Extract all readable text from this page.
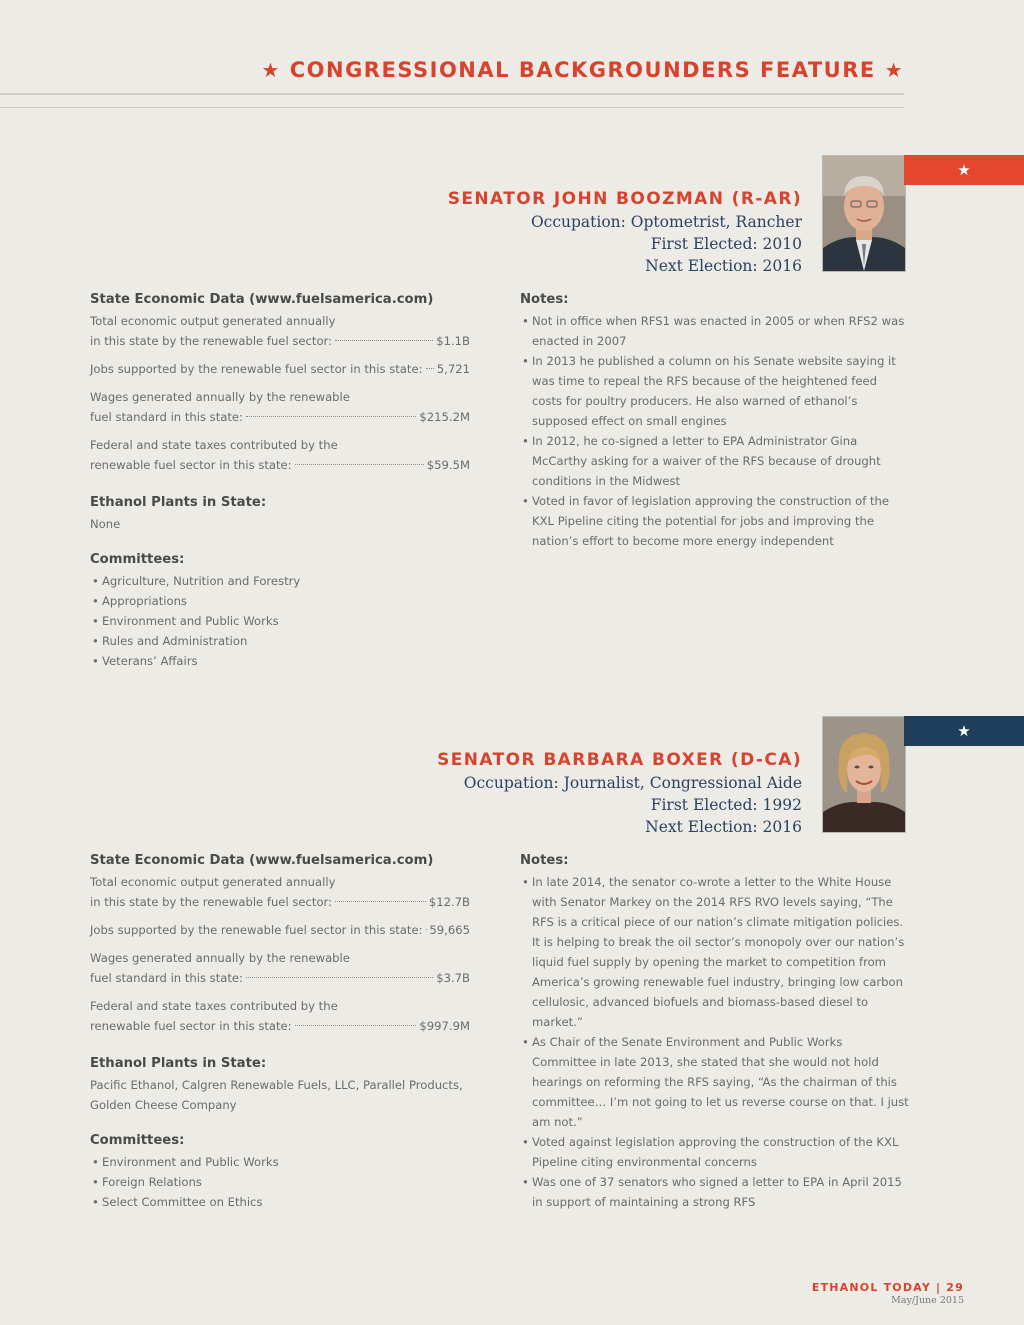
★ CONGRESSIONAL BACKGROUNDERS FEATURE ★
★
SENATOR JOHN BOOZMAN (R-AR)
Occupation: Optometrist, Rancher
First Elected: 2010
Next Election: 2016
State Economic Data (www.fuelsamerica.com)
Total economic output generated annually
in this state by the renewable fuel sector:	$1.1B
Jobs supported by the renewable fuel sector in this state: 5,721
Wages generated annually by the renewable
fuel standard in this state:	$215.2M
Federal and state taxes contributed by the
renewable fuel sector in this state:	$59.5M
Ethanol Plants in State:
None
Committees:
• Agriculture, Nutrition and Forestry
• Appropriations
• Environment and Public Works
• Rules and Administration
• Veterans’ Affairs
Notes:
• Not in office when RFS1 was enacted in 2005 or when RFS2 was enacted in 2007
• In 2013 he published a column on his Senate website saying it was time to repeal the RFS because of the heightened feed costs for poultry producers. He also warned of ethanol’s supposed effect on small engines
• In 2012, he co-signed a letter to EPA Administrator Gina McCarthy asking for a waiver of the RFS because of drought conditions in the Midwest
• Voted in favor of legislation approving the construction of the KXL Pipeline citing the potential for jobs and improving the nation’s effort to become more energy independent
★
SENATOR BARBARA BOXER (D-CA)
Occupation: Journalist, Congressional Aide
First Elected: 1992
Next Election: 2016
State Economic Data (www.fuelsamerica.com)
Total economic output generated annually
in this state by the renewable fuel sector:	$12.7B
Jobs supported by the renewable fuel sector in this state: 59,665
Wages generated annually by the renewable
fuel standard in this state:	$3.7B
Federal and state taxes contributed by the
renewable fuel sector in this state:	$997.9M
Ethanol Plants in State:
Pacific Ethanol, Calgren Renewable Fuels, LLC, Parallel Products, Golden Cheese Company
Committees:
• Environment and Public Works
• Foreign Relations
• Select Committee on Ethics
Notes:
• In late 2014, the senator co-wrote a letter to the White House with Senator Markey on the 2014 RFS RVO levels saying, “The RFS is a critical piece of our nation’s climate mitigation policies. It is helping to break the oil sector’s monopoly over our nation’s liquid fuel supply by opening the market to competition from America’s growing renewable fuel industry, bringing low carbon cellulosic, advanced biofuels and biomass-based diesel to market.”
• As Chair of the Senate Environment and Public Works Committee in late 2013, she stated that she would not hold hearings on reforming the RFS saying, “As the chairman of this committee… I’m not going to let us reverse course on that. I just am not.”
• Voted against legislation approving the construction of the KXL Pipeline citing environmental concerns
• Was one of 37 senators who signed a letter to EPA in April 2015 in support of maintaining a strong RFS
ETHANOL TODAY | 29
May/June 2015
